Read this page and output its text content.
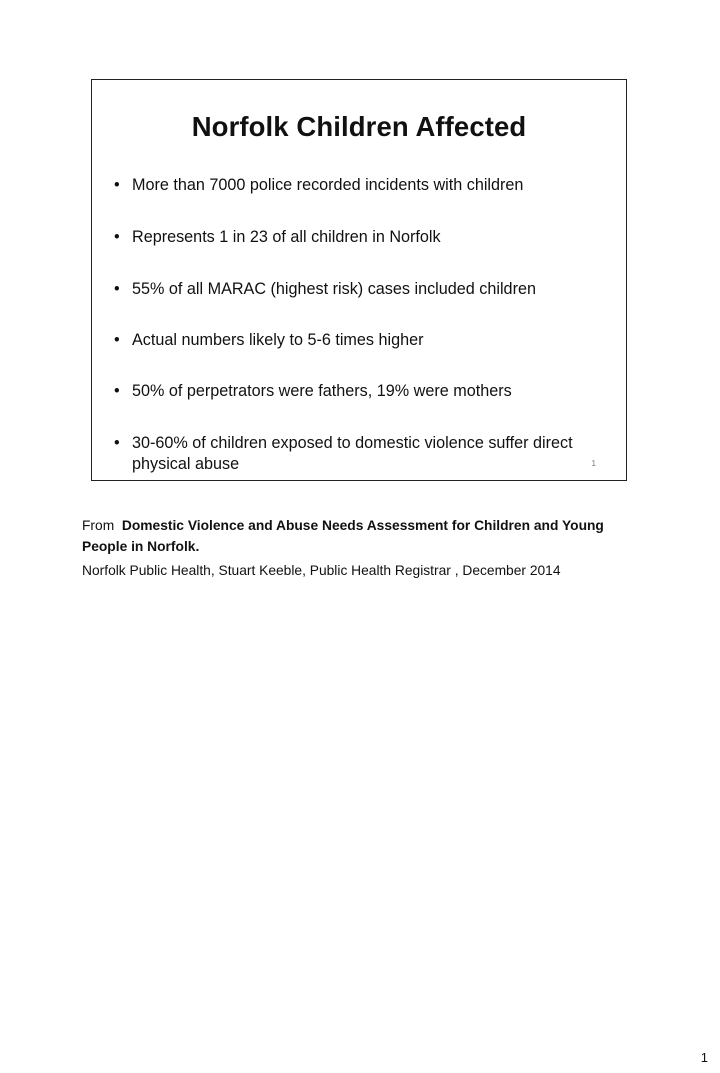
Norfolk Children Affected
• More than 7000 police recorded incidents with children
• Represents 1 in 23 of all children in Norfolk
• 55% of all MARAC (highest risk) cases included children
• Actual numbers likely to 5-6 times higher
• 50% of perpetrators were fathers, 19% were mothers
• 30-60% of children exposed to domestic violence suffer direct physical abuse	1
From Domestic Violence and Abuse Needs Assessment for Children and Young People in Norfolk.
Norfolk Public Health, Stuart Keeble, Public Health Registrar , December 2014
1
